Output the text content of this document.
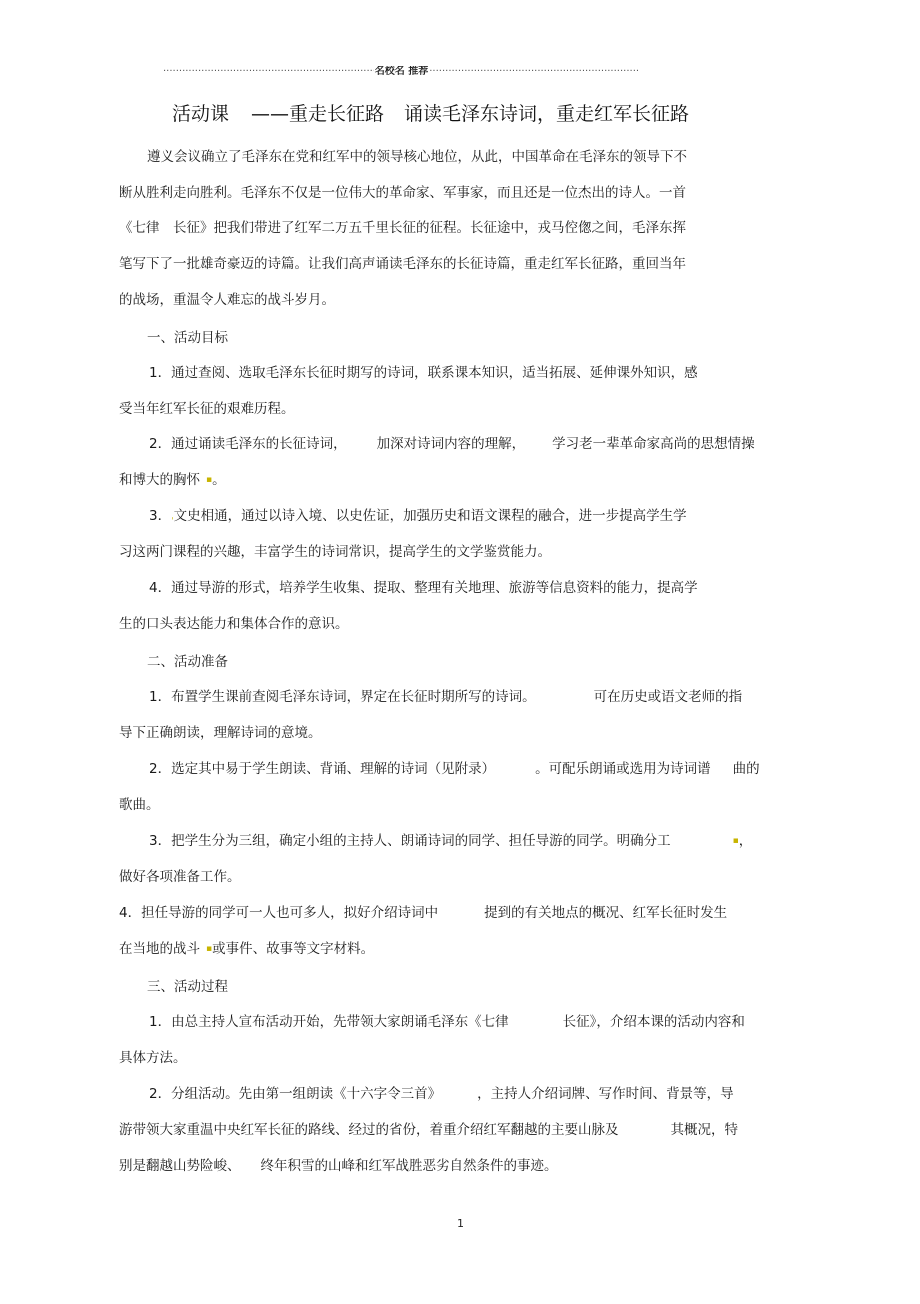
·····
名校名 推荐
·····
活动课 ——重走长征路 诵读毛泽东诗词，重走红军长征路
遵义会议确立了毛泽东在党和红军中的领导核心地位，从此，中国革命在毛泽东的领导下不
断从胜利走向胜利。毛泽东不仅是一位伟大的革命家、军事家，而且还是一位杰出的诗人。一首
《七律　长征》把我们带进了红军二万五千里长征的征程。长征途中，戎马倥偬之间，毛泽东挥
笔写下了一批雄奇豪迈的诗篇。让我们高声诵读毛泽东的长征诗篇，重走红军长征路，重回当年
的战场，重温令人难忘的战斗岁月。
一、活动目标
1．通过查阅、选取毛泽东长征时期写的诗词，联系课本知识，适当拓展、延伸课外知识，感
受当年红军长征的艰难历程。
2．通过诵读毛泽东的长征诗词， 加深对诗词内容的理解， 学习老一辈革命家高尚的思想情操
和博大的胸怀 ▪。
3．ˌ文史相通，通过以诗入境、以史佐证，加强历史和语文课程的融合，进一步提高学生学
习这两门课程的兴趣，丰富学生的诗词常识，提高学生的文学鉴赏能力。
4．通过导游的形式，培养学生收集、提取、整理有关地理、旅游等信息资料的能力，提高学
生的口头表达能力和集体合作的意识。
二、活动准备
1．布置学生课前查阅毛泽东诗词，界定在长征时期所写的诗词。	可在历史或语文老师的指
导下正确朗读，理解诗词的意境。
2．选定其中易于学生朗读、背诵、理解的诗词（见附录）	。可配乐朗诵或选用为诗词谱 曲的
歌曲。
3．把学生分为三组，确定小组的主持人、朗诵诗词的同学、担任导游的同学。明确分工	▪，
做好各项准备工作。
4．担任导游的同学可一人也可多人，拟好介绍诗词中	提到的有关地点的概况、红军长征时发生
在当地的战斗 ▪或事件、故事等文字材料。
三、活动过程
1．由总主持人宣布活动开始，先带领大家朗诵毛泽东《七律	长征》，介绍本课的活动内容和
具体方法。
2．分组活动。先由第一组朗读《十六字令三首》	，主持人介绍词牌、写作时间、背景等，导
游带领大家重温中央红军长征的路线、经过的省份，着重介绍红军翻越的主要山脉及	其概况，特
别是翻越山势险峻、 终年积雪的山峰和红军战胜恶劣自然条件的事迹。
1
